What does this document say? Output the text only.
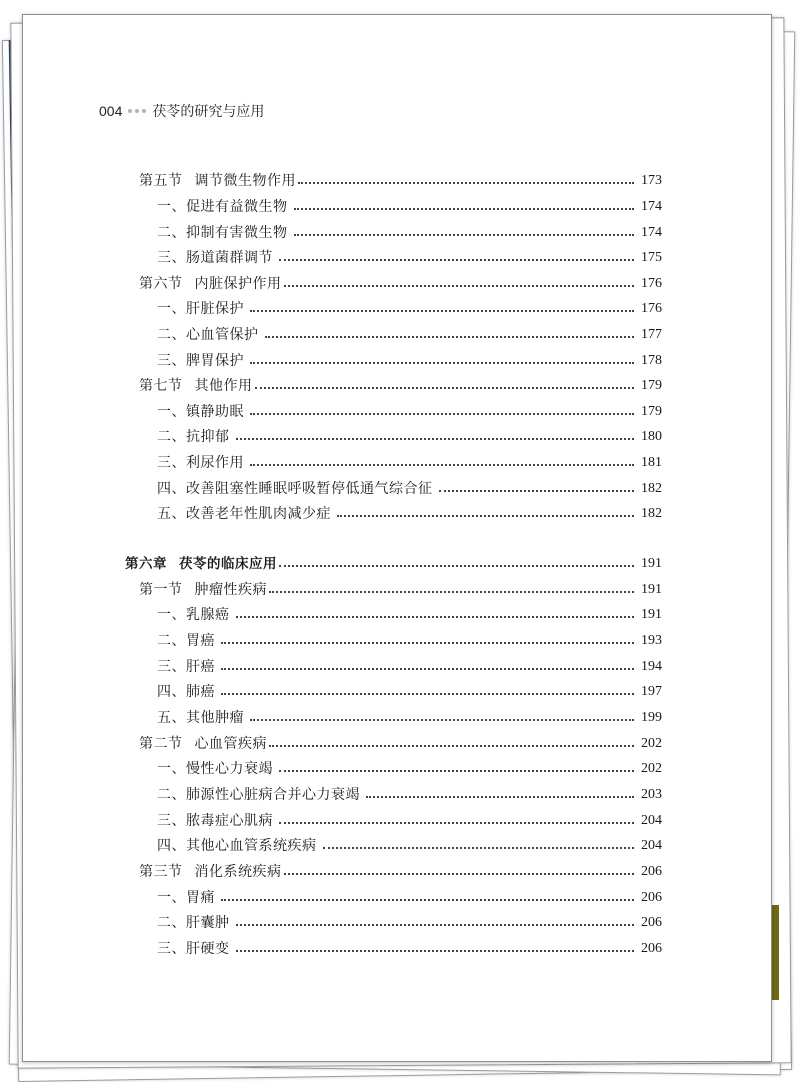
004 茯苓的研究与应用
第五节 调节微生物作用	173
一、促进有益微生物	174
二、抑制有害微生物	174
三、肠道菌群调节	175
第六节 内脏保护作用	176
一、肝脏保护	176
二、心血管保护	177
三、脾胃保护	178
第七节 其他作用	179
一、镇静助眠	179
二、抗抑郁	180
三、利尿作用	181
四、改善阻塞性睡眠呼吸暂停低通气综合征	182
五、改善老年性肌肉减少症	182
第六章 茯苓的临床应用	191
第一节 肿瘤性疾病	191
一、乳腺癌	191
二、胃癌	193
三、肝癌	194
四、肺癌	197
五、其他肿瘤	199
第二节 心血管疾病	202
一、慢性心力衰竭	202
二、肺源性心脏病合并心力衰竭	203
三、脓毒症心肌病	204
四、其他心血管系统疾病	204
第三节 消化系统疾病	206
一、胃痛	206
二、肝囊肿	206
三、肝硬变	206
